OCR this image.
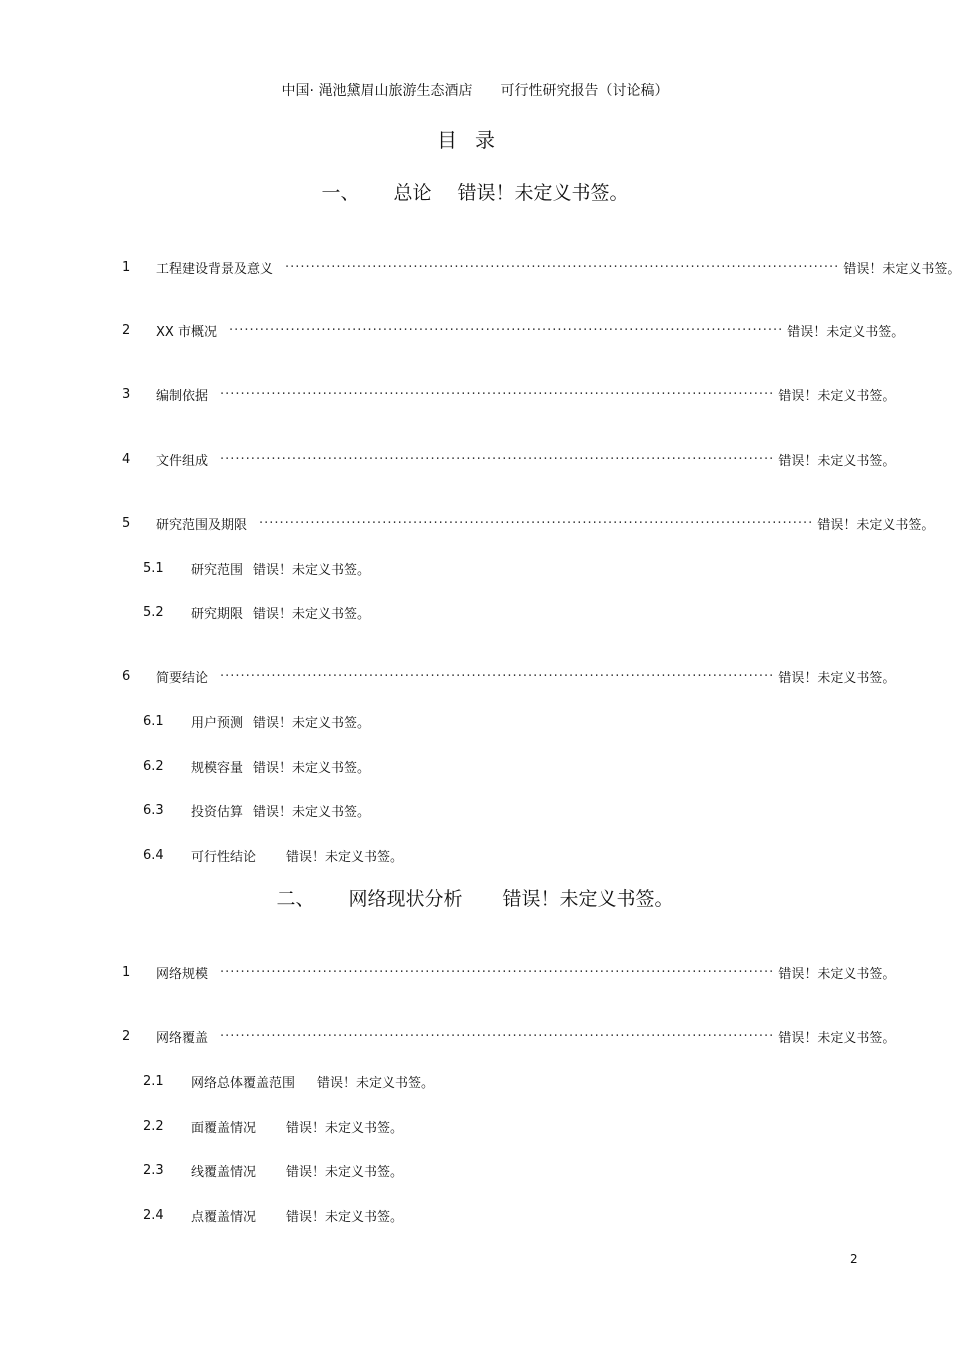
中国· 渑池黛眉山旅游生态酒店　　可行性研究报告（讨论稿）
目录
一、 总论 错误！未定义书签。
1	工程建设背景及意义 ············································································································ 错误！未定义书签。
2	XX 市概况 ············································································································ 错误！未定义书签。
3	编制依据 ············································································································ 错误！未定义书签。
4	文件组成 ············································································································ 错误！未定义书签。
5	研究范围及期限 ············································································································ 错误！未定义书签。
5.1	研究范围 错误！未定义书签。
5.2	研究期限 错误！未定义书签。
6	简要结论 ············································································································ 错误！未定义书签。
6.1	用户预测 错误！未定义书签。
6.2	规模容量 错误！未定义书签。
6.3	投资估算 错误！未定义书签。
6.4	可行性结论 错误！未定义书签。
二、 网络现状分析 错误！未定义书签。
1	网络规模 ············································································································ 错误！未定义书签。
2	网络覆盖 ············································································································ 错误！未定义书签。
2.1	网络总体覆盖范围 错误！未定义书签。
2.2	面覆盖情况 错误！未定义书签。
2.3	线覆盖情况 错误！未定义书签。
2.4	点覆盖情况 错误！未定义书签。
2
